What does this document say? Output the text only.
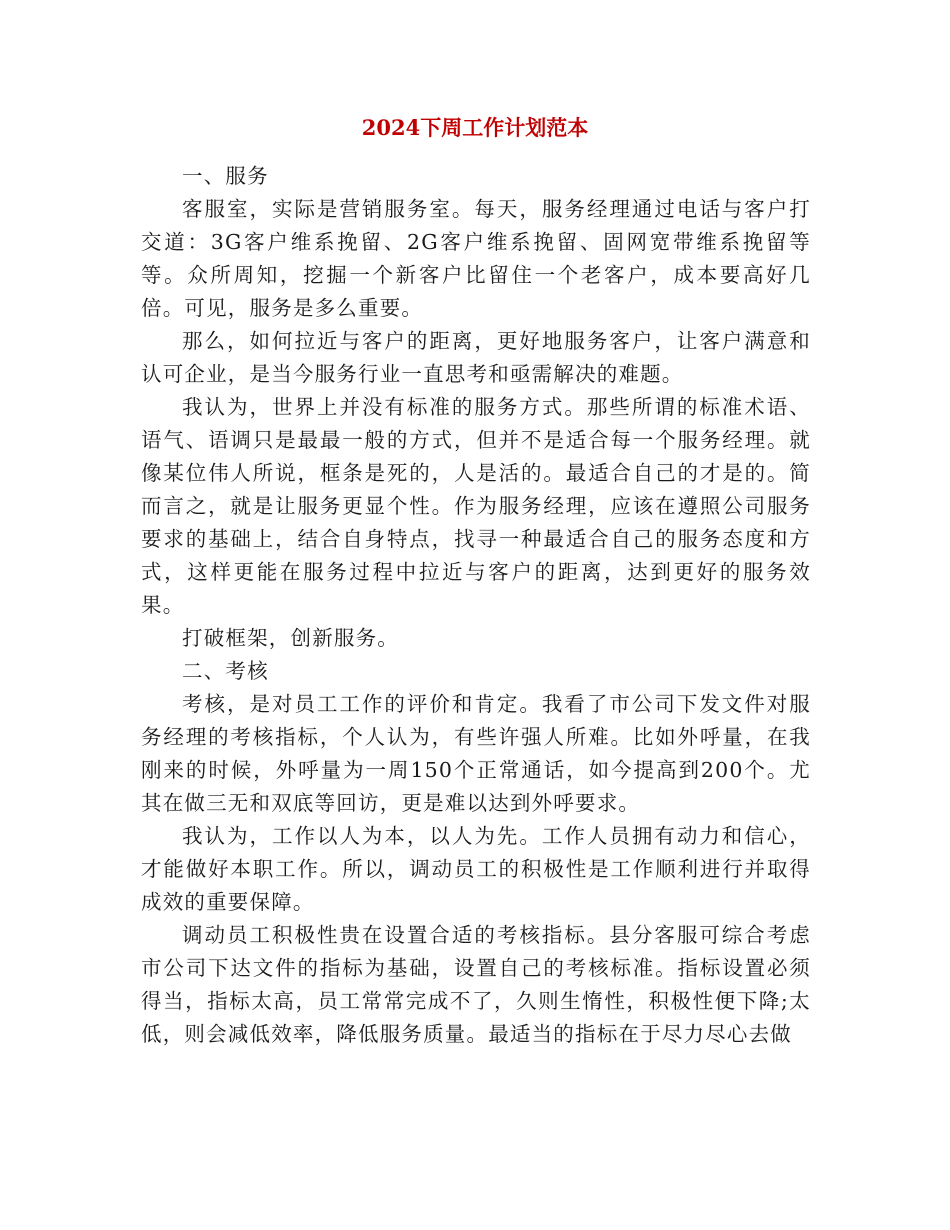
2024下周工作计划范本

一、服务

客服室，实际是营销服务室。每天，服务经理通过电话与客户打交道：3G客户维系挽留、2G客户维系挽留、固网宽带维系挽留等等。众所周知，挖掘一个新客户比留住一个老客户，成本要高好几倍。可见，服务是多么重要。

那么，如何拉近与客户的距离，更好地服务客户，让客户满意和认可企业，是当今服务行业一直思考和亟需解决的难题。

我认为，世界上并没有标准的服务方式。那些所谓的标准术语、语气、语调只是最最一般的方式，但并不是适合每一个服务经理。就像某位伟人所说，框条是死的，人是活的。最适合自己的才是的。简而言之，就是让服务更显个性。作为服务经理，应该在遵照公司服务要求的基础上，结合自身特点，找寻一种最适合自己的服务态度和方式，这样更能在服务过程中拉近与客户的距离，达到更好的服务效果。

打破框架，创新服务。

二、考核

考核，是对员工工作的评价和肯定。我看了市公司下发文件对服务经理的考核指标，个人认为，有些许强人所难。比如外呼量，在我刚来的时候，外呼量为一周150个正常通话，如今提高到200个。尤其在做三无和双底等回访，更是难以达到外呼要求。

我认为，工作以人为本，以人为先。工作人员拥有动力和信心，才能做好本职工作。所以，调动员工的积极性是工作顺利进行并取得成效的重要保障。

调动员工积极性贵在设置合适的考核指标。县分客服可综合考虑市公司下达文件的指标为基础，设置自己的考核标准。指标设置必须得当，指标太高，员工常常完成不了，久则生惰性，积极性便下降;太低，则会减低效率，降低服务质量。最适当的指标在于尽力尽心去做
